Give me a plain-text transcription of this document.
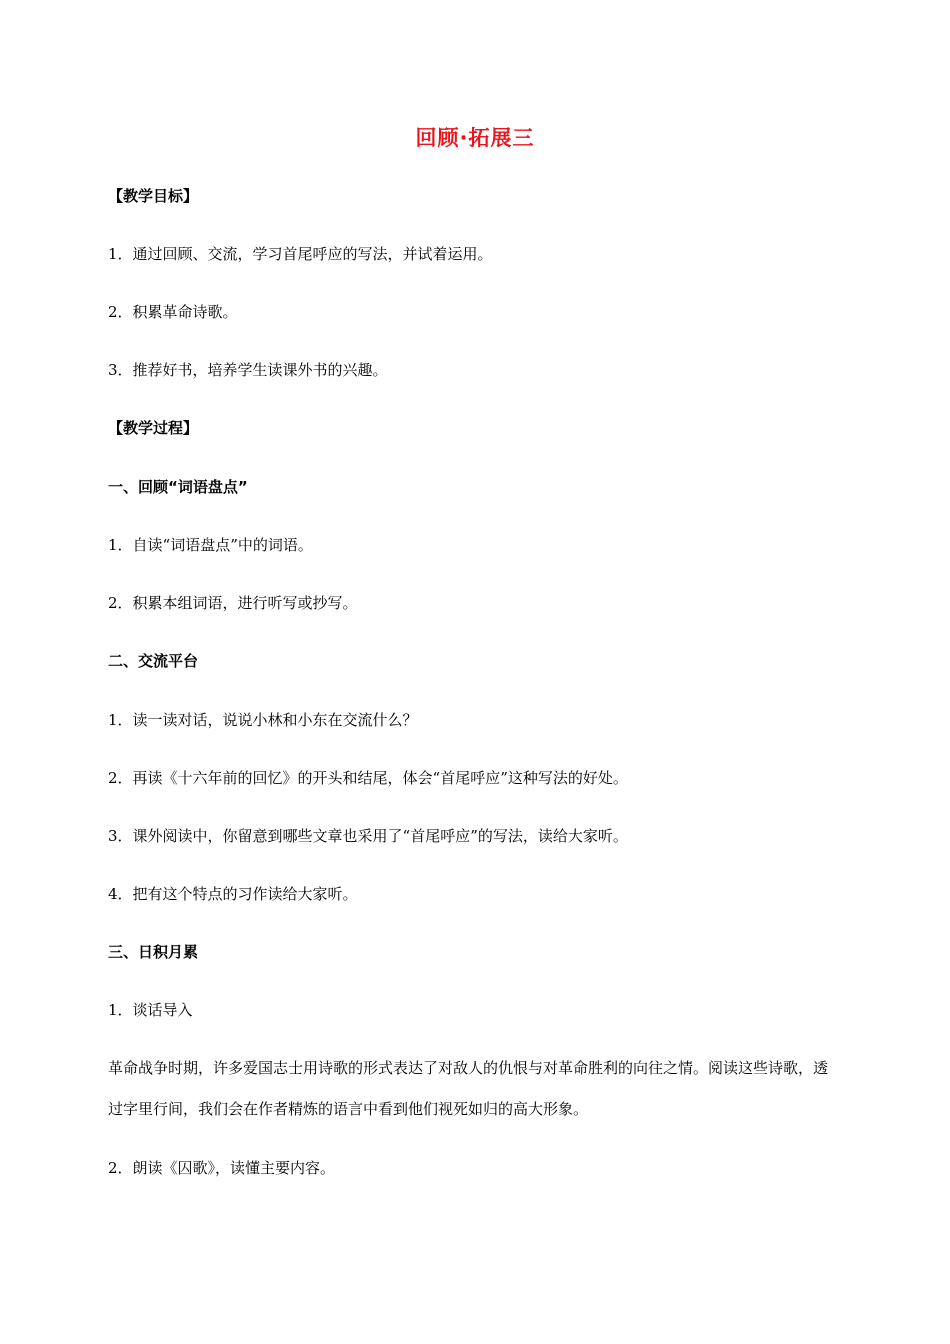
回顾·拓展三
【教学目标】
1．通过回顾、交流，学习首尾呼应的写法，并试着运用。
2．积累革命诗歌。
3．推荐好书，培养学生读课外书的兴趣。
【教学过程】
一、回顾“词语盘点”
1．自读“词语盘点”中的词语。
2．积累本组词语，进行听写或抄写。
二、交流平台
1．读一读对话，说说小林和小东在交流什么？
2．再读《十六年前的回忆》的开头和结尾，体会“首尾呼应”这种写法的好处。
3．课外阅读中，你留意到哪些文章也采用了“首尾呼应”的写法，读给大家听。
4．把有这个特点的习作读给大家听。
三、日积月累
1．谈话导入
革命战争时期，许多爱国志士用诗歌的形式表达了对敌人的仇恨与对革命胜利的向往之情。阅读这些诗歌，透过字里行间，我们会在作者精炼的语言中看到他们视死如归的高大形象。
2．朗读《囚歌》，读懂主要内容。
